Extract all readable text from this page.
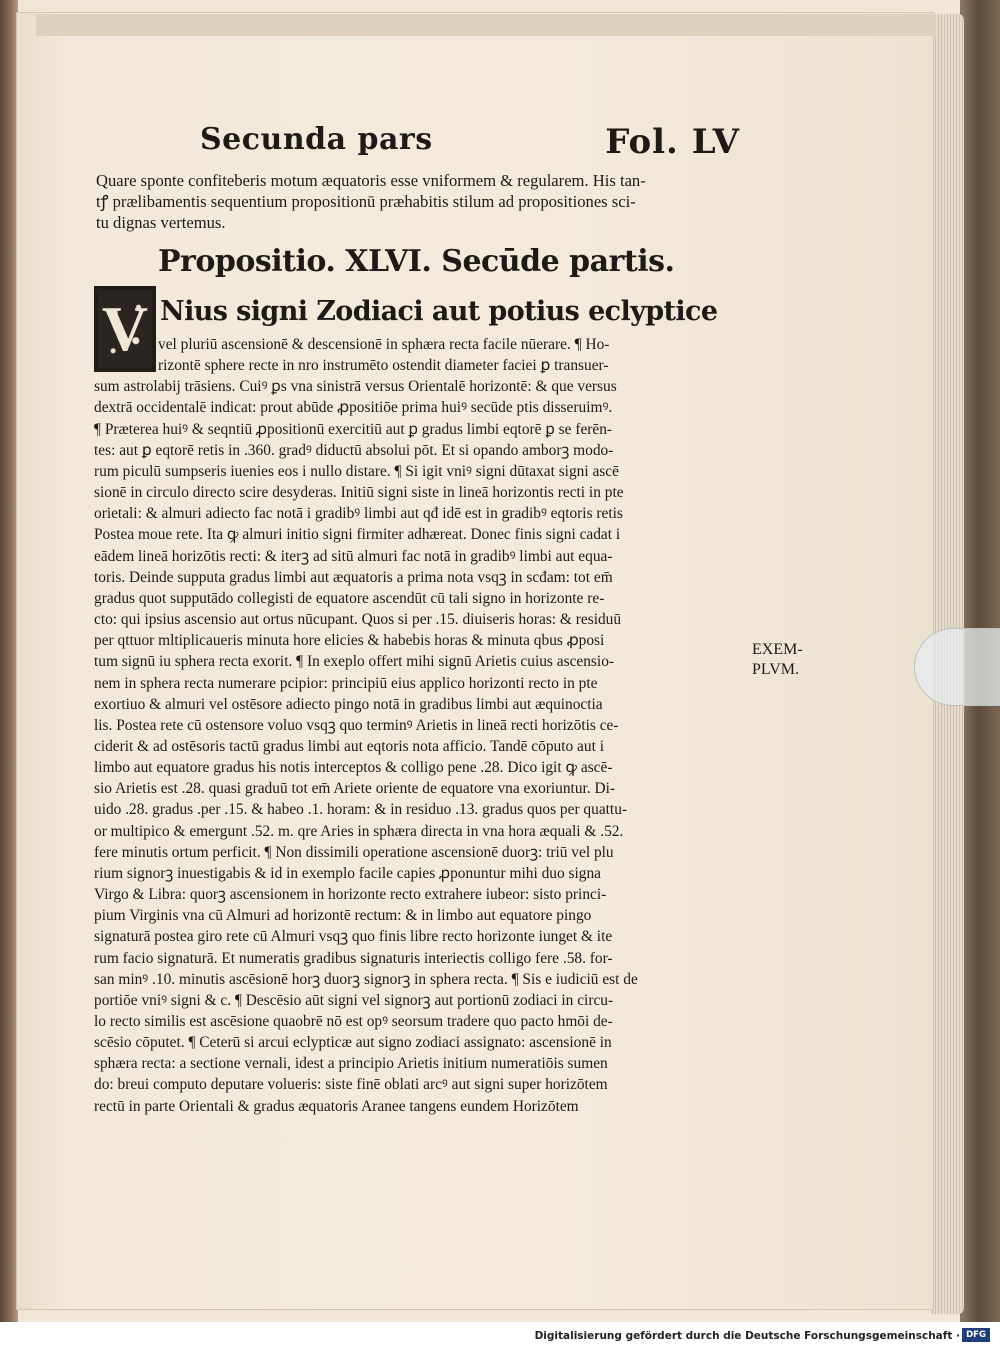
Secunda pars	Fol. LV
Quare sponte confiteberis motum æquatoris esse vniformem & regularem. His tan-
tꝭ prælibamentis sequentium propositionū præhabitis stilum ad propositiones sci-
tu dignas vertemus.
Propositio. XLVI. Secūde partis.
V Nius signi Zodiaci aut potius eclyptice
vel pluriū ascensionē & descensionē in sphæra recta facile nūerare. ¶ Ho-
rizontē sphere recte in nro instrumēto ostendit diameter faciei ꝑ transuer-
sum astrolabij trāsiens. Cuiꝰ ꝑs vna sinistrā versus Orientalē horizontē: & que versus
dextrā occidentalē indicat: prout abūde ꝓpositiōe prima huiꝰ secūde ptis disseruimꝰ.
¶ Præterea huiꝰ & seqntiū ꝓpositionū exercitiū aut ꝑ gradus limbi eqtorē ꝑ se ferēn-
tes: aut ꝑ eqtorē retis in .360. gradꝰ diductū absolui pōt. Et si opando amborꝫ modo-
rum piculū sumpseris iuenies eos i nullo distare. ¶ Si igit vniꝰ signi dūtaxat signi ascē
sionē in circulo directo scire desyderas. Initiū signi siste in lineā horizontis recti in pte
orietali: & almuri adiecto fac notā i gradibꝰ limbi aut qđ idē est in gradibꝰ eqtoris retis
Postea moue rete. Ita ꝙ almuri initio signi firmiter adhæreat. Donec finis signi cadat i
eādem lineā horizōtis recti: & iterꝫ ad sitū almuri fac notā in gradibꝰ limbi aut equa-
toris. Deinde supputa gradus limbi aut æquatoris a prima nota vsqꝫ in scđam: tot em̄
gradus quot supputādo collegisti de equatore ascendūt cū tali signo in horizonte re-
cto: qui ipsius ascensio aut ortus nūcupant. Quos si per .15. diuiseris horas: & residuū
per qttuor mltiplicaueris minuta hore elicies & habebis horas & minuta qbus ꝓposi
tum signū iu sphera recta exorit. ¶ In exeplo offert mihi signū Arietis cuius ascensio-
nem in sphera recta numerare pcipior: principiū eius applico horizonti recto in pte
exortiuo & almuri vel ostēsore adiecto pingo notā in gradibus limbi aut æquinoctia
lis. Postea rete cū ostensore voluo vsqꝫ quo terminꝰ Arietis in lineā recti horizōtis ce-
ciderit & ad ostēsoris tactū gradus limbi aut eqtoris nota afficio. Tandē cōputo aut i
limbo aut equatore gradus his notis interceptos & colligo pene .28. Dico igit ꝙ ascē-
sio Arietis est .28. quasi graduū tot em̄ Ariete oriente de equatore vna exoriuntur. Di-
uido .28. gradus .per .15. & habeo .1. horam: & in residuo .13. gradus quos per quattu-
or multipico & emergunt .52. m. qre Aries in sphæra directa in vna hora æquali & .52.
fere minutis ortum perficit. ¶ Non dissimili operatione ascensionē duorꝫ: triū vel plu
rium signorꝫ inuestigabis & id in exemplo facile capies ꝓponuntur mihi duo signa
Virgo & Libra: quorꝫ ascensionem in horizonte recto extrahere iubeor: sisto princi-
pium Virginis vna cū Almuri ad horizontē rectum: & in limbo aut equatore pingo
signaturā postea giro rete cū Almuri vsqꝫ quo finis libre recto horizonte iunget & ite
rum facio signaturā. Et numeratis gradibus signaturis interiectis colligo fere .58. for-
san minꝰ .10. minutis ascēsionē horꝫ duorꝫ signorꝫ in sphera recta. ¶ Sis e iudiciū est de
portiōe vniꝰ signi & c. ¶ Descēsio aūt signi vel signorꝫ aut portionū zodiaci in circu-
lo recto similis est ascēsione quaobrē nō est opꝰ seorsum tradere quo pacto hmōi de-
scēsio cōputet. ¶ Ceterū si arcui eclypticæ aut signo zodiaci assignato: ascensionē in
sphæra recta: a sectione vernali, idest a principio Arietis initium numeratiōis sumen
do: breui computo deputare volueris: siste finē oblati arcꝰ aut signi super horizōtem
rectū in parte Orientali & gradus æquatoris Aranee tangens eundem Horizōtem
EXEM-
PLVM.
Digitalisierung gefördert durch die Deutsche Forschungsgemeinschaft · DFG
